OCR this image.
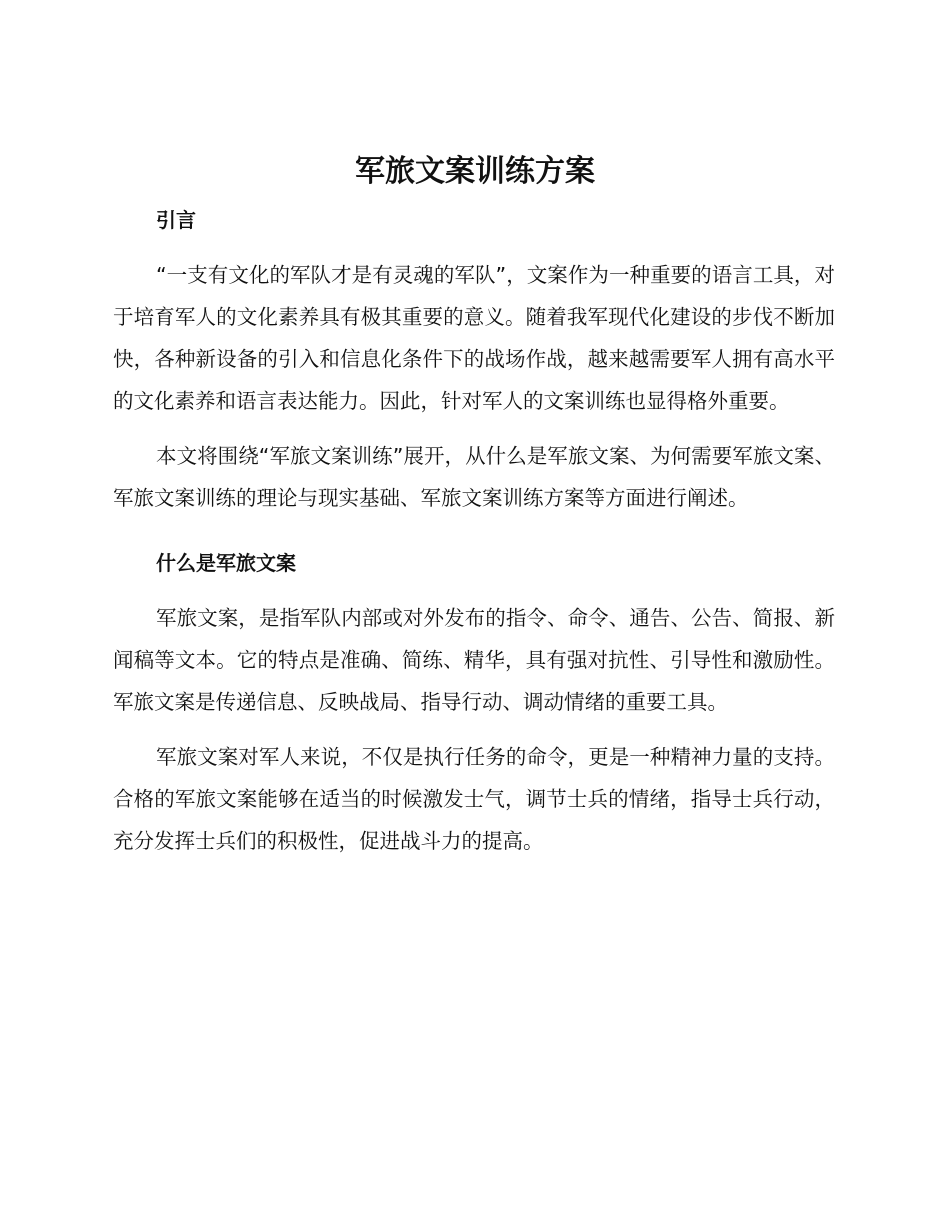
军旅文案训练方案
引言

“一支有文化的军队才是有灵魂的军队”，文案作为一种重要的语言工具，对于培育军人的文化素养具有极其重要的意义。随着我军现代化建设的步伐不断加快，各种新设备的引入和信息化条件下的战场作战，越来越需要军人拥有高水平的文化素养和语言表达能力。因此，针对军人的文案训练也显得格外重要。

本文将围绕“军旅文案训练”展开，从什么是军旅文案、为何需要军旅文案、军旅文案训练的理论与现实基础、军旅文案训练方案等方面进行阐述。

什么是军旅文案

军旅文案，是指军队内部或对外发布的指令、命令、通告、公告、简报、新闻稿等文本。它的特点是准确、简练、精华，具有强对抗性、引导性和激励性。军旅文案是传递信息、反映战局、指导行动、调动情绪的重要工具。

军旅文案对军人来说，不仅是执行任务的命令，更是一种精神力量的支持。合格的军旅文案能够在适当的时候激发士气，调节士兵的情绪，指导士兵行动，充分发挥士兵们的积极性，促进战斗力的提高。
